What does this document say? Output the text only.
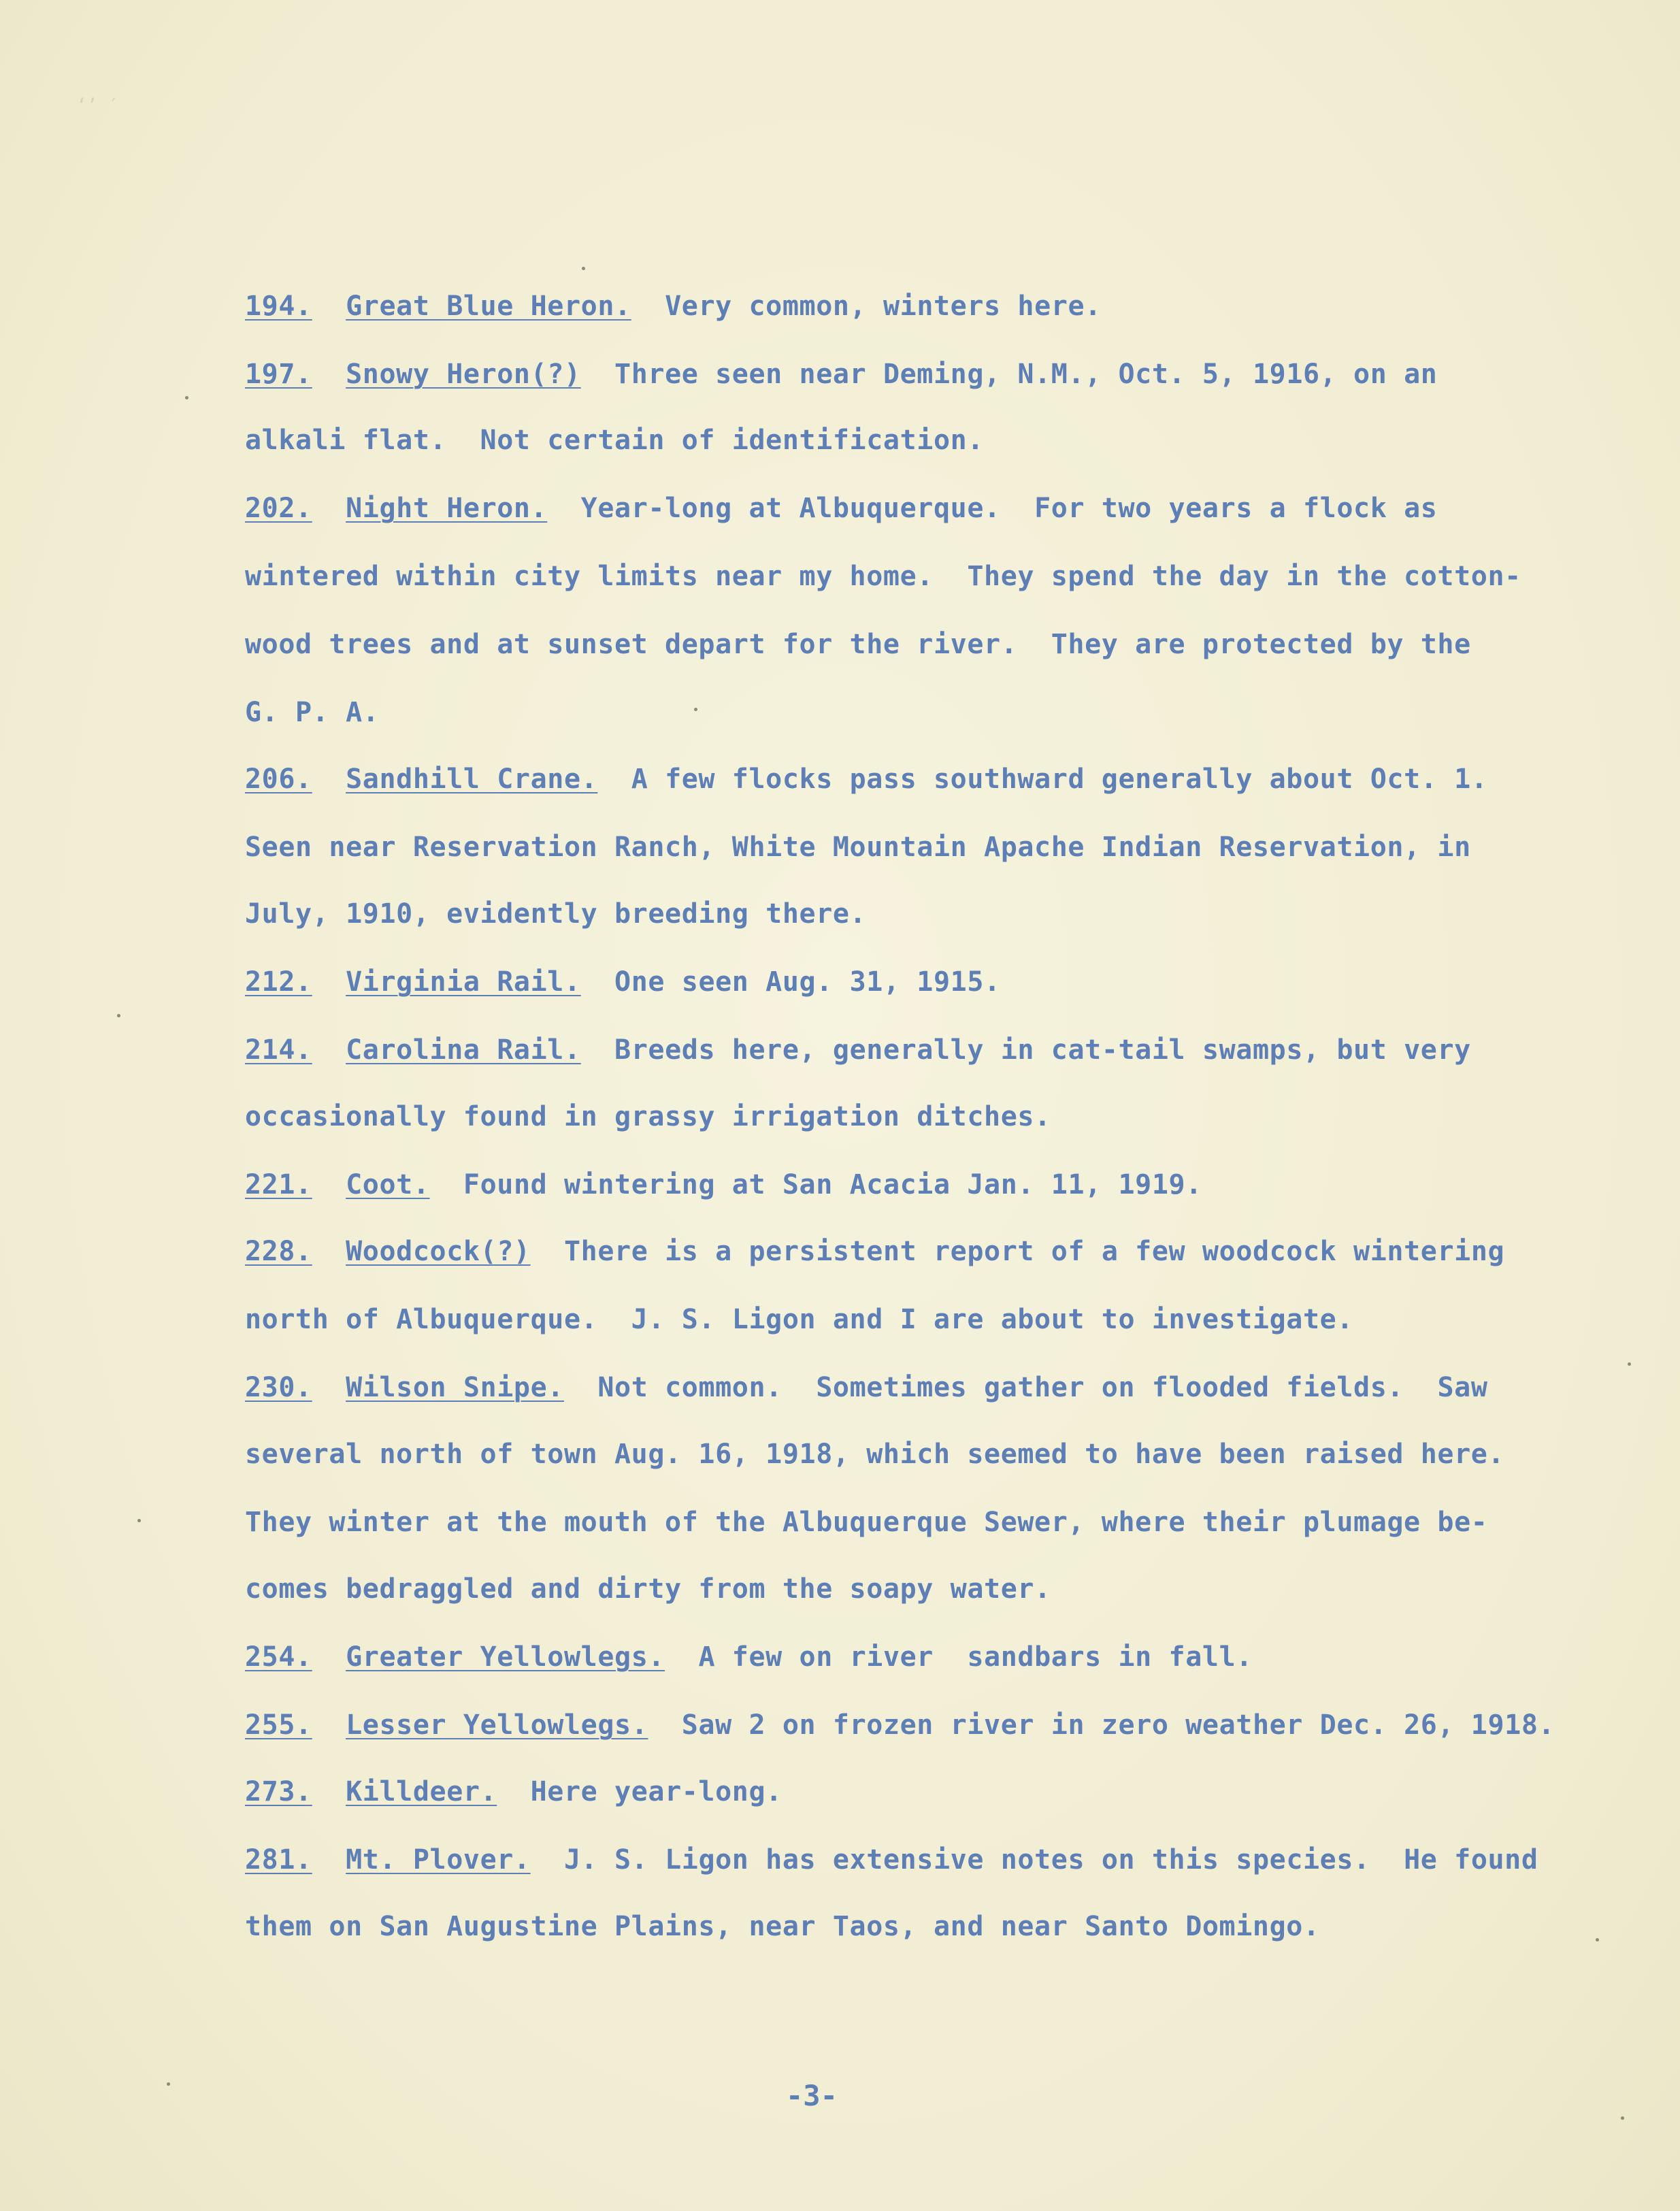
‘’ ′
194. Great Blue Heron.  Very common, winters here.
197. Snowy Heron(?)  Three seen near Deming, N.M., Oct. 5, 1916, on an
alkali flat.  Not certain of identification.
202. Night Heron.  Year-long at Albuquerque.  For two years a flock as
wintered within city limits near my home.  They spend the day in the cotton-
wood trees and at sunset depart for the river.  They are protected by the
G. P. A.
206. Sandhill Crane.  A few flocks pass southward generally about Oct. 1.
Seen near Reservation Ranch, White Mountain Apache Indian Reservation, in
July, 1910, evidently breeding there.
212. Virginia Rail.  One seen Aug. 31, 1915.
214. Carolina Rail.  Breeds here, generally in cat-tail swamps, but very
occasionally found in grassy irrigation ditches.
221. Coot.  Found wintering at San Acacia Jan. 11, 1919.
228. Woodcock(?)  There is a persistent report of a few woodcock wintering
north of Albuquerque.  J. S. Ligon and I are about to investigate.
230. Wilson Snipe.  Not common.  Sometimes gather on flooded fields.  Saw
several north of town Aug. 16, 1918, which seemed to have been raised here.
They winter at the mouth of the Albuquerque Sewer, where their plumage be-
comes bedraggled and dirty from the soapy water.
254. Greater Yellowlegs.  A few on river  sandbars in fall.
255. Lesser Yellowlegs.  Saw 2 on frozen river in zero weather Dec. 26, 1918.
273. Killdeer.  Here year-long.
281. Mt. Plover.  J. S. Ligon has extensive notes on this species.  He found
them on San Augustine Plains, near Taos, and near Santo Domingo.
-3-
